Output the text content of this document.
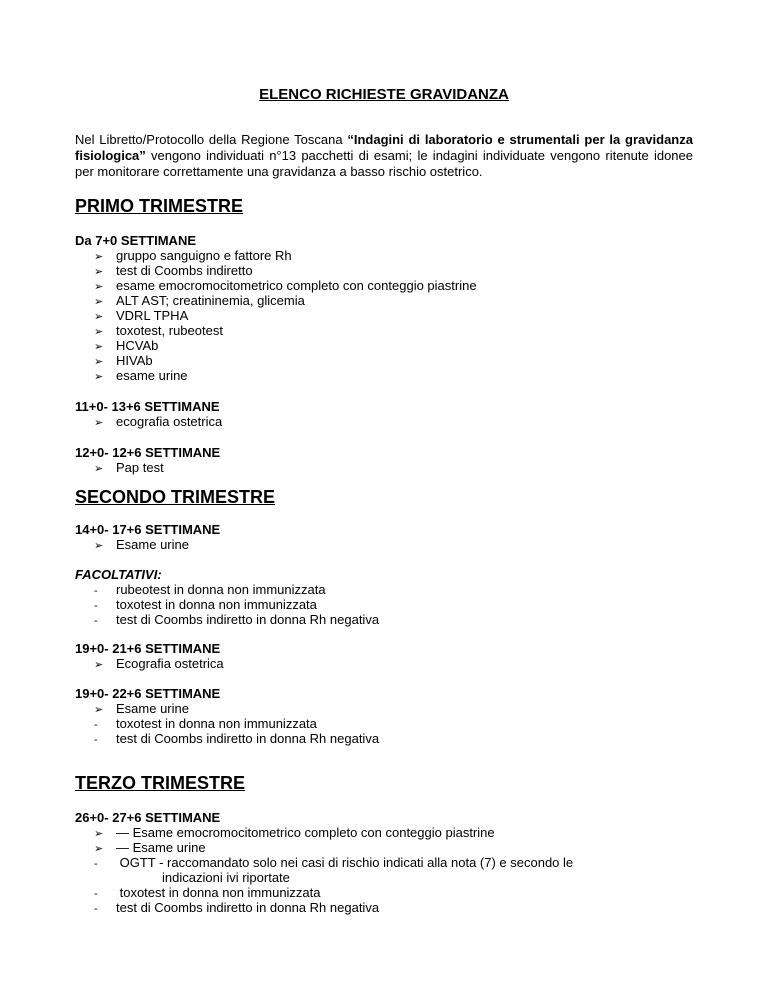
ELENCO RICHIESTE GRAVIDANZA
Nel Libretto/Protocollo della Regione Toscana “Indagini di laboratorio e strumentali per la gravidanza fisiologica” vengono individuati n°13 pacchetti di esami; le indagini individuate vengono ritenute idonee per monitorare correttamente una gravidanza a basso rischio ostetrico.
PRIMO TRIMESTRE
Da 7+0 SETTIMANE
➢ gruppo sanguigno e fattore Rh
➢ test di Coombs indiretto
➢ esame emocromocitometrico completo con conteggio piastrine
➢ ALT AST; creatininemia, glicemia
➢ VDRL TPHA
➢ toxotest, rubeotest
➢ HCVAb
➢ HIVAb
➢ esame urine
11+0- 13+6 SETTIMANE
➢ ecografia ostetrica
12+0- 12+6 SETTIMANE
➢ Pap test
SECONDO TRIMESTRE
14+0- 17+6 SETTIMANE
➢ Esame urine
FACOLTATIVI:
- rubeotest in donna non immunizzata
- toxotest in donna non immunizzata
- test di Coombs indiretto in donna Rh negativa
19+0- 21+6 SETTIMANE
➢ Ecografia ostetrica
19+0- 22+6 SETTIMANE
➢ Esame urine
- toxotest in donna non immunizzata
- test di Coombs indiretto in donna Rh negativa
TERZO TRIMESTRE
26+0- 27+6 SETTIMANE
➢ — Esame emocromocitometrico completo con conteggio piastrine
➢ — Esame urine
- OGTT - raccomandato solo nei casi di rischio indicati alla nota (7) e secondo le
indicazioni ivi riportate
- toxotest in donna non immunizzata
- test di Coombs indiretto in donna Rh negativa
